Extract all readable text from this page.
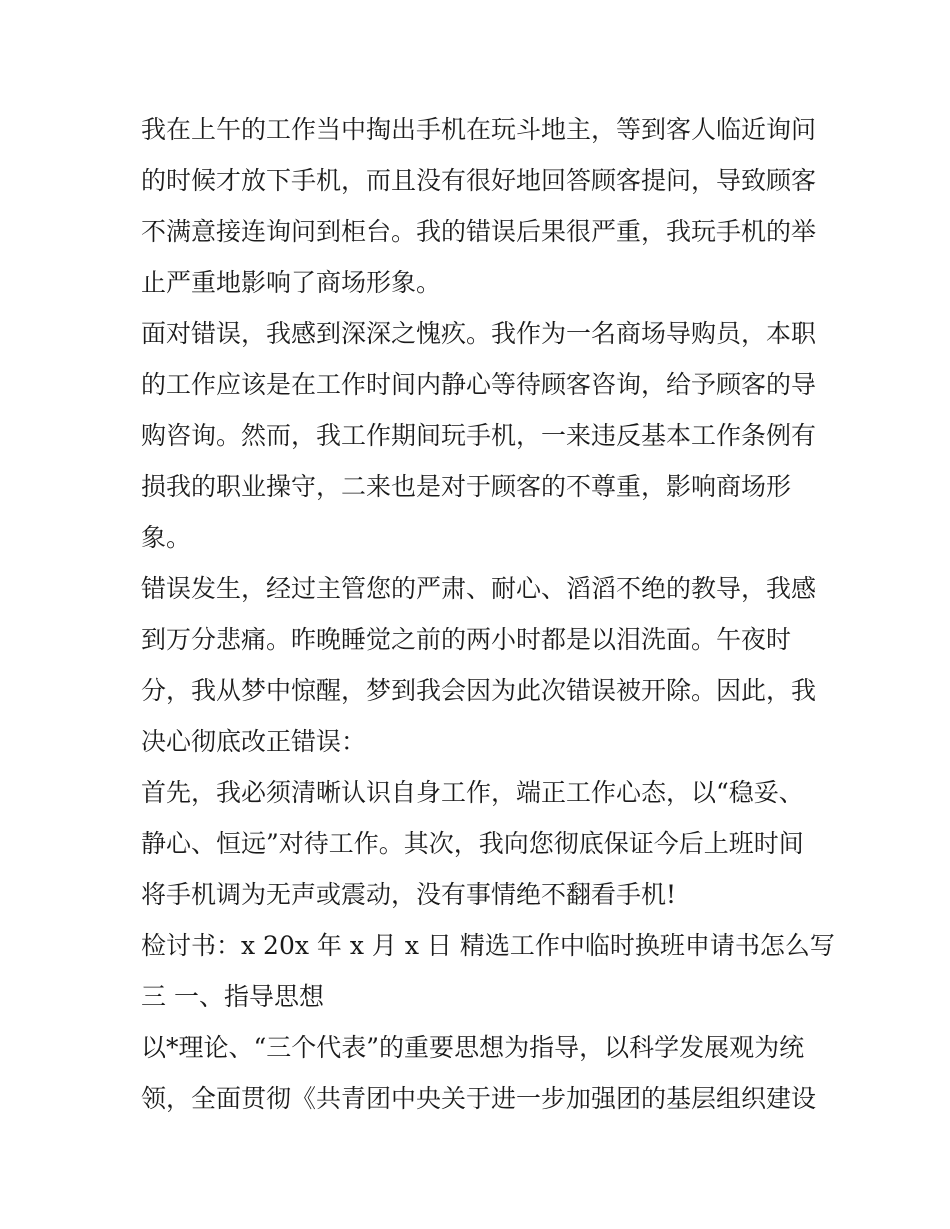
我在上午的工作当中掏出手机在玩斗地主，等到客人临近询问
的时候才放下手机，而且没有很好地回答顾客提问，导致顾客
不满意接连询问到柜台。我的错误后果很严重，我玩手机的举
止严重地影响了商场形象。
面对错误，我感到深深之愧疚。我作为一名商场导购员，本职
的工作应该是在工作时间内静心等待顾客咨询，给予顾客的导
购咨询。然而，我工作期间玩手机，一来违反基本工作条例有
损我的职业操守，二来也是对于顾客的不尊重，影响商场形
象。
错误发生，经过主管您的严肃、耐心、滔滔不绝的教导，我感
到万分悲痛。昨晚睡觉之前的两小时都是以泪洗面。午夜时
分，我从梦中惊醒，梦到我会因为此次错误被开除。因此，我
决心彻底改正错误：
首先，我必须清晰认识自身工作，端正工作心态，以“稳妥、
静心、恒远”对待工作。其次，我向您彻底保证今后上班时间
将手机调为无声或震动，没有事情绝不翻看手机!
检讨书：x 20x 年 x 月 x 日 精选工作中临时换班申请书怎么写
三 一、指导思想
以*理论、“三个代表”的重要思想为指导，以科学发展观为统
领，全面贯彻《共青团中央关于进一步加强团的基层组织建设
